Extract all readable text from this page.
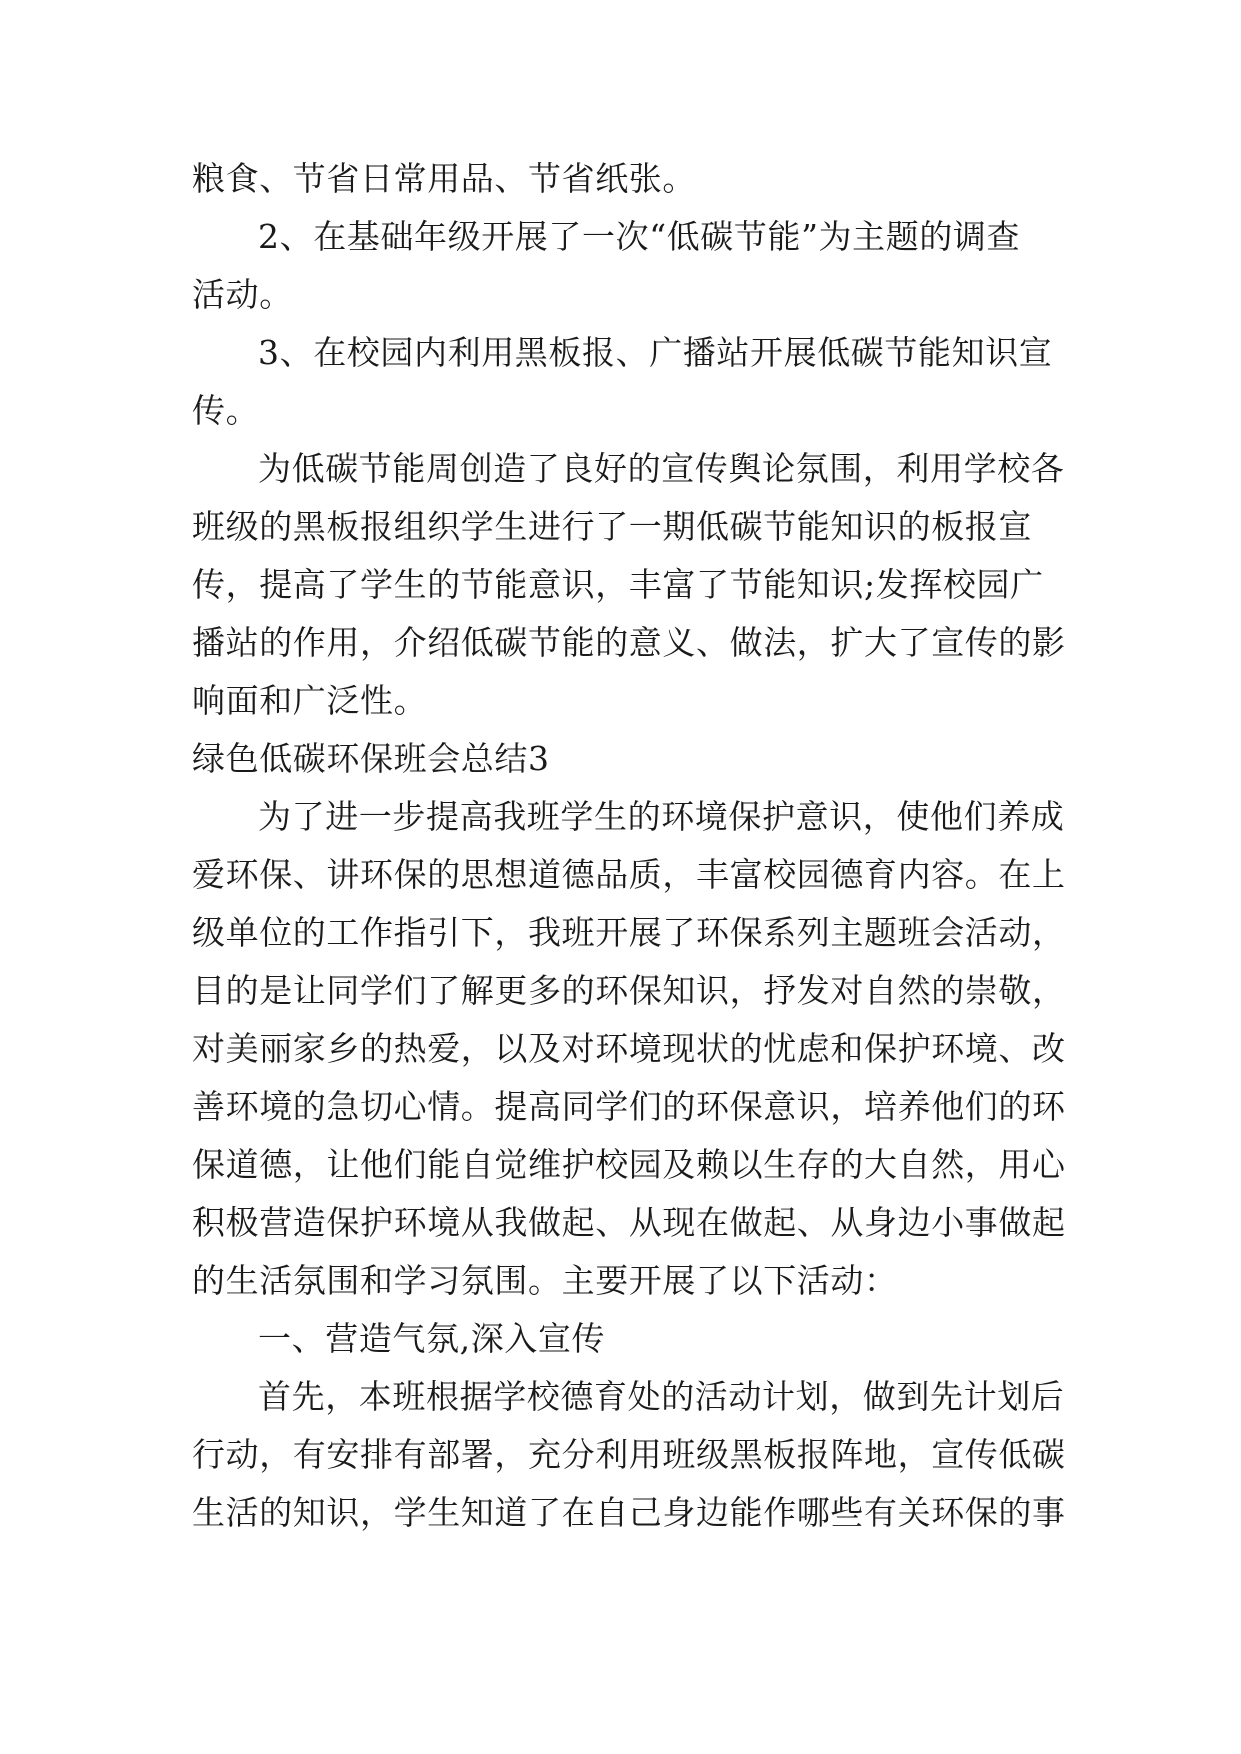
粮食、节省日常用品、节省纸张。

2、在基础年级开展了一次“低碳节能”为主题的调查
活动。

3、在校园内利用黑板报、广播站开展低碳节能知识宣
传。

为低碳节能周创造了良好的宣传舆论氛围，利用学校各
班级的黑板报组织学生进行了一期低碳节能知识的板报宣
传，提高了学生的节能意识，丰富了节能知识;发挥校园广
播站的作用，介绍低碳节能的意义、做法，扩大了宣传的影
响面和广泛性。

绿色低碳环保班会总结3

为了进一步提高我班学生的环境保护意识，使他们养成
爱环保、讲环保的思想道德品质，丰富校园德育内容。在上
级单位的工作指引下，我班开展了环保系列主题班会活动，
目的是让同学们了解更多的环保知识，抒发对自然的崇敬，
对美丽家乡的热爱，以及对环境现状的忧虑和保护环境、改
善环境的急切心情。提高同学们的环保意识，培养他们的环
保道德，让他们能自觉维护校园及赖以生存的大自然，用心
积极营造保护环境从我做起、从现在做起、从身边小事做起
的生活氛围和学习氛围。主要开展了以下活动：

一、营造气氛,深入宣传

首先，本班根据学校德育处的活动计划，做到先计划后
行动，有安排有部署，充分利用班级黑板报阵地，宣传低碳
生活的知识，学生知道了在自己身边能作哪些有关环保的事
